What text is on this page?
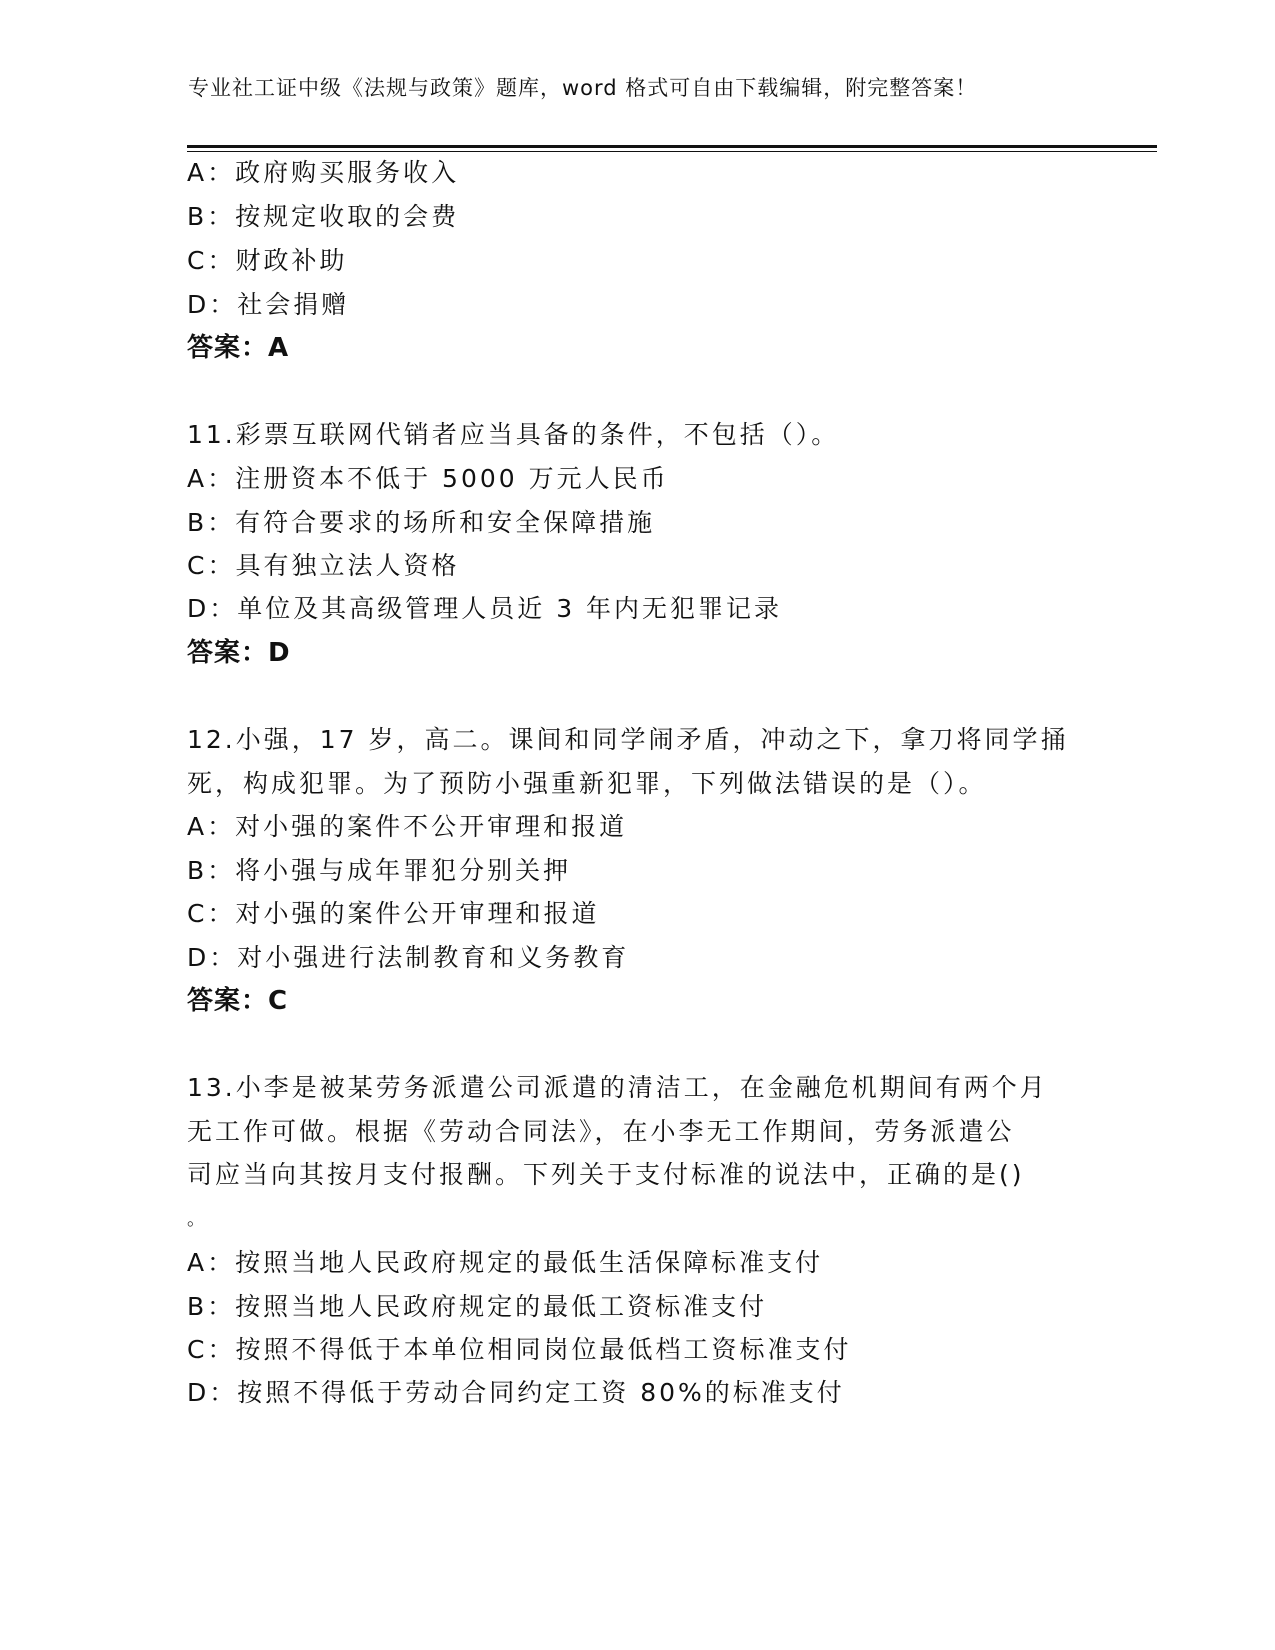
专业社工证中级《法规与政策》题库，word 格式可自由下载编辑，附完整答案！
A：政府购买服务收入
B：按规定收取的会费
C：财政补助
D：社会捐赠
答案：A
11.彩票互联网代销者应当具备的条件，不包括（）。
A：注册资本不低于 5000 万元人民币
B：有符合要求的场所和安全保障措施
C：具有独立法人资格
D：单位及其高级管理人员近 3 年内无犯罪记录
答案：D
12.小强，17 岁，高二。课间和同学闹矛盾，冲动之下，拿刀将同学捅
死，构成犯罪。为了预防小强重新犯罪，下列做法错误的是（）。
A：对小强的案件不公开审理和报道
B：将小强与成年罪犯分别关押
C：对小强的案件公开审理和报道
D：对小强进行法制教育和义务教育
答案：C
13.小李是被某劳务派遣公司派遣的清洁工，在金融危机期间有两个月
无工作可做。根据《劳动合同法》，在小李无工作期间，劳务派遣公
司应当向其按月支付报酬。下列关于支付标准的说法中，正确的是()
。
A：按照当地人民政府规定的最低生活保障标准支付
B：按照当地人民政府规定的最低工资标准支付
C：按照不得低于本单位相同岗位最低档工资标准支付
D：按照不得低于劳动合同约定工资 80%的标准支付
